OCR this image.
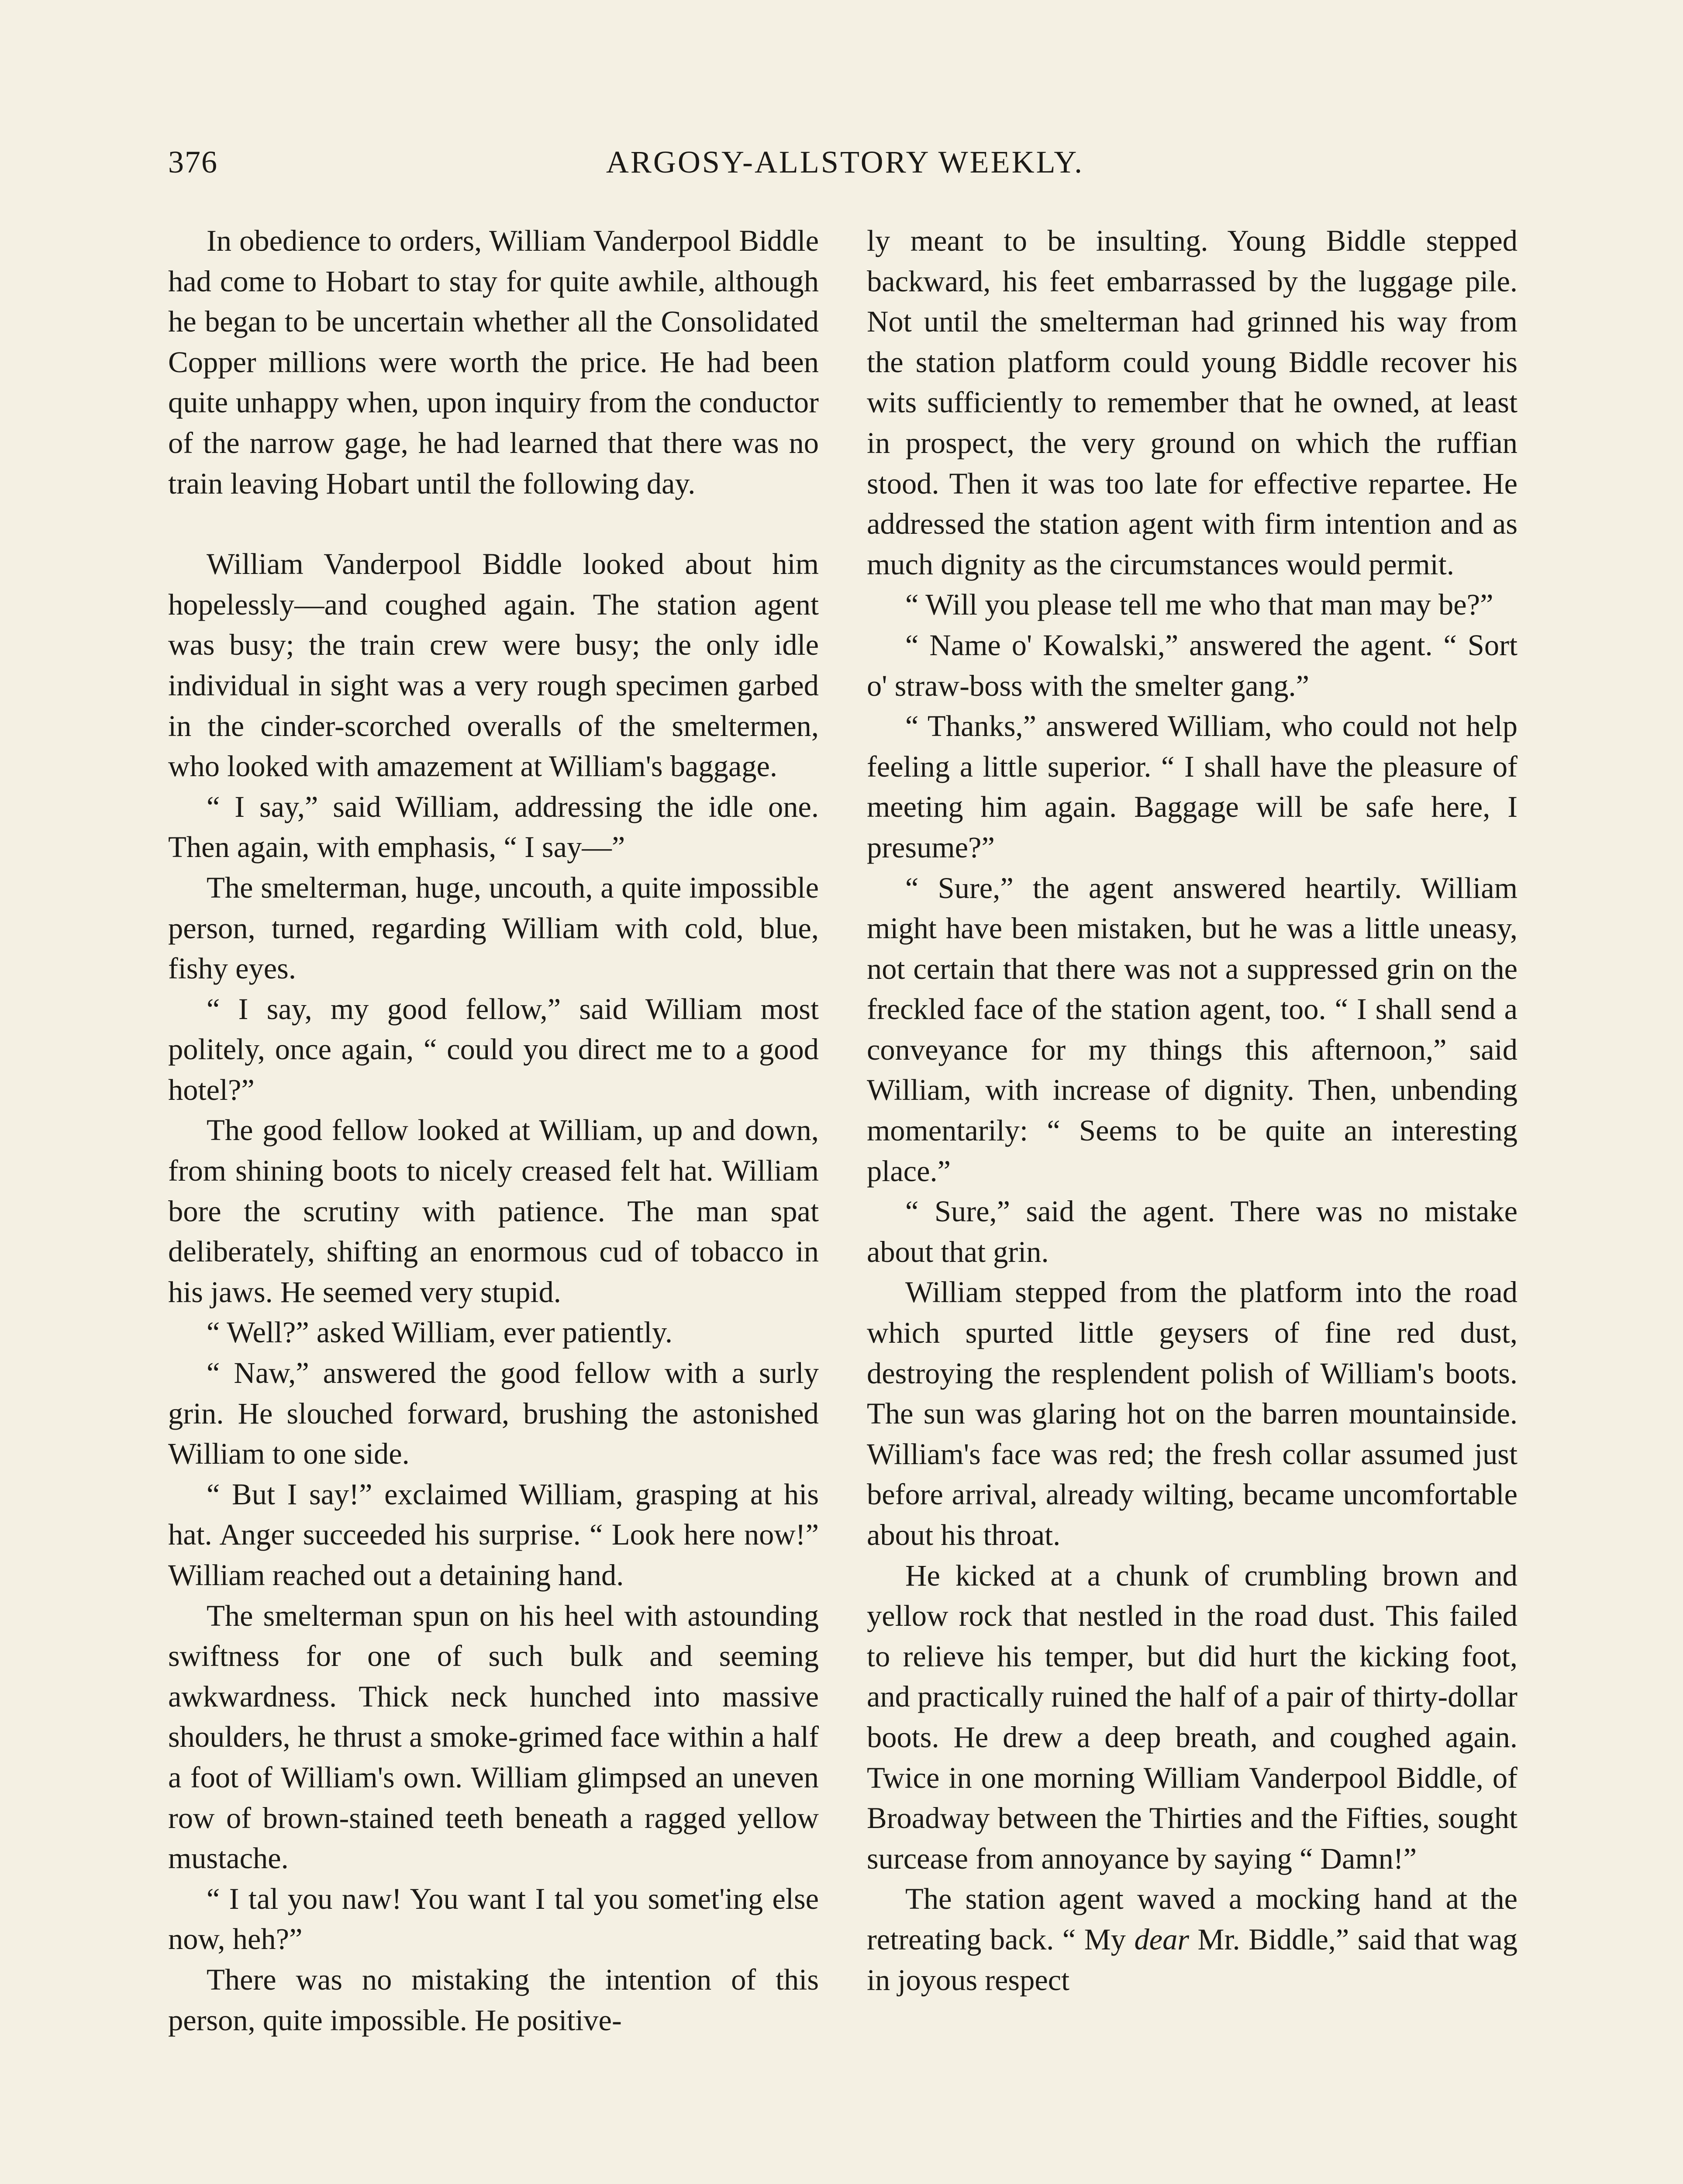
376	ARGOSY-ALLSTORY WEEKLY.

In obedience to orders, William Vanderpool Biddle had come to Hobart to stay for quite awhile, although he began to be uncertain whether all the Consolidated Copper millions were worth the price. He had been quite unhappy when, upon inquiry from the conductor of the narrow gage, he had learned that there was no train leaving Hobart until the following day.

William Vanderpool Biddle looked about him hopelessly—and coughed again. The station agent was busy; the train crew were busy; the only idle individual in sight was a very rough specimen garbed in the cinder-scorched overalls of the smeltermen, who looked with amazement at William's baggage.

“ I say,” said William, addressing the idle one. Then again, with emphasis, “ I say—”

The smelterman, huge, uncouth, a quite impossible person, turned, regarding William with cold, blue, fishy eyes.

“ I say, my good fellow,” said William most politely, once again, “ could you direct me to a good hotel?”

The good fellow looked at William, up and down, from shining boots to nicely creased felt hat. William bore the scrutiny with patience. The man spat deliberately, shifting an enormous cud of tobacco in his jaws. He seemed very stupid.

“ Well?” asked William, ever patiently.

“ Naw,” answered the good fellow with a surly grin. He slouched forward, brushing the astonished William to one side.

“ But I say!” exclaimed William, grasping at his hat. Anger succeeded his surprise. “ Look here now!” William reached out a detaining hand.

The smelterman spun on his heel with astounding swiftness for one of such bulk and seeming awkwardness. Thick neck hunched into massive shoulders, he thrust a smoke-grimed face within a half a foot of William's own. William glimpsed an uneven row of brown-stained teeth beneath a ragged yellow mustache.

“ I tal you naw! You want I tal you somet'ing else now, heh?”

There was no mistaking the intention of this person, quite impossible. He positive-

ly meant to be insulting. Young Biddle stepped backward, his feet embarrassed by the luggage pile. Not until the smelterman had grinned his way from the station platform could young Biddle recover his wits sufficiently to remember that he owned, at least in prospect, the very ground on which the ruffian stood. Then it was too late for effective repartee. He addressed the station agent with firm intention and as much dignity as the circumstances would permit.

“ Will you please tell me who that man may be?”

“ Name o' Kowalski,” answered the agent. “ Sort o' straw-boss with the smelter gang.”

“ Thanks,” answered William, who could not help feeling a little superior. “ I shall have the pleasure of meeting him again. Baggage will be safe here, I presume?”

“ Sure,” the agent answered heartily. William might have been mistaken, but he was a little uneasy, not certain that there was not a suppressed grin on the freckled face of the station agent, too. “ I shall send a conveyance for my things this afternoon,” said William, with increase of dignity. Then, unbending momentarily: “ Seems to be quite an interesting place.”

“ Sure,” said the agent. There was no mistake about that grin.

William stepped from the platform into the road which spurted little geysers of fine red dust, destroying the resplendent polish of William's boots. The sun was glaring hot on the barren mountainside. William's face was red; the fresh collar assumed just before arrival, already wilting, became uncomfortable about his throat.

He kicked at a chunk of crumbling brown and yellow rock that nestled in the road dust. This failed to relieve his temper, but did hurt the kicking foot, and practically ruined the half of a pair of thirty-dollar boots. He drew a deep breath, and coughed again. Twice in one morning William Vanderpool Biddle, of Broadway between the Thirties and the Fifties, sought surcease from annoyance by saying “ Damn!”

The station agent waved a mocking hand at the retreating back. “ My dear Mr. Biddle,” said that wag in joyous respect
